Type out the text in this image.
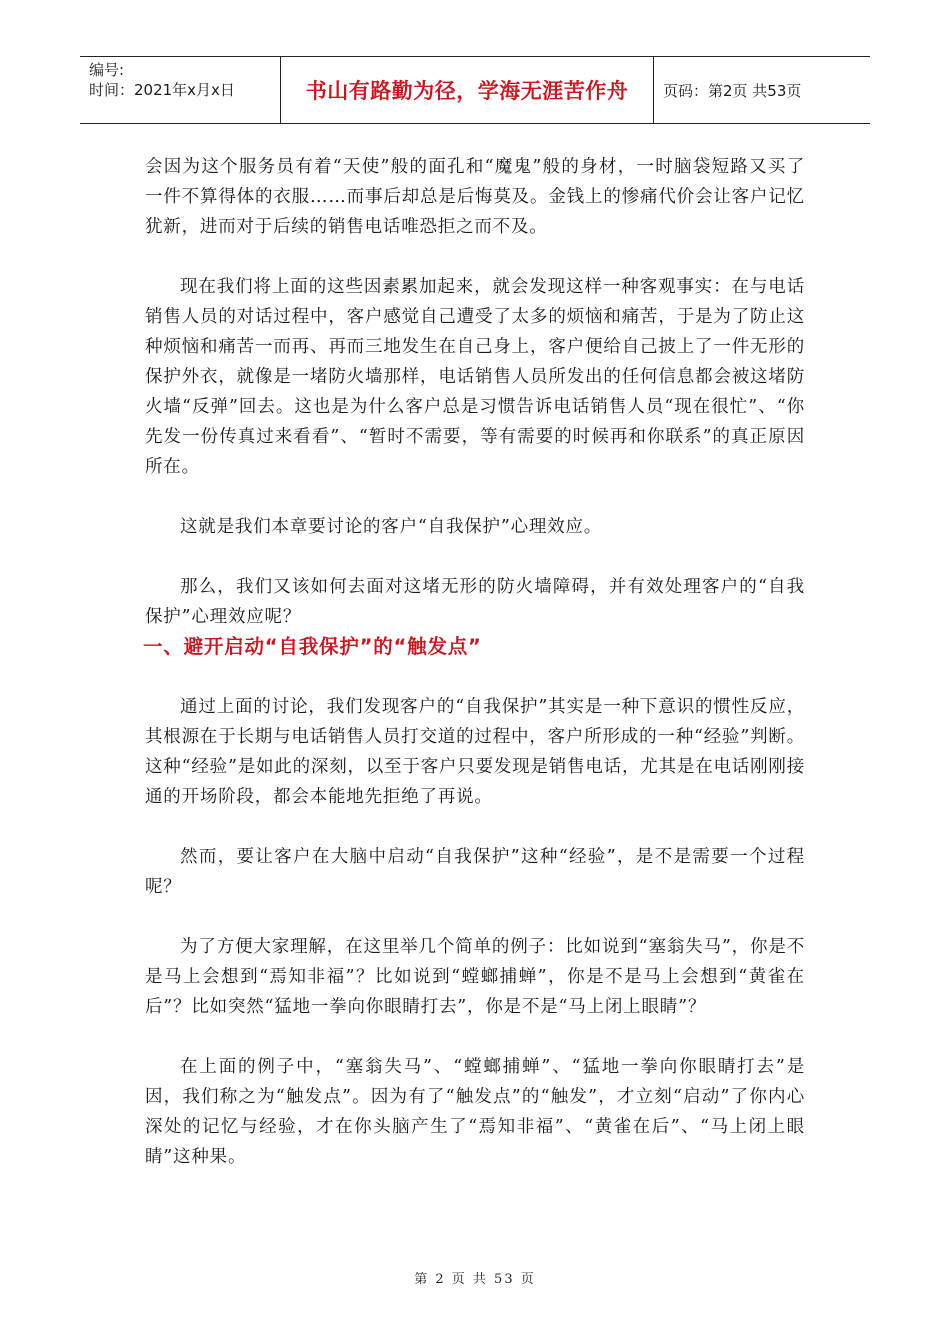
编号:
时间：2021年x月x日	书山有路勤为径，学海无涯苦作舟	页码：第2页 共53页

会因为这个服务员有着“天使”般的面孔和“魔鬼”般的身材，一时脑袋短路又买了一件不算得体的衣服……而事后却总是后悔莫及。金钱上的惨痛代价会让客户记忆犹新，进而对于后续的销售电话唯恐拒之而不及。

现在我们将上面的这些因素累加起来，就会发现这样一种客观事实：在与电话销售人员的对话过程中，客户感觉自己遭受了太多的烦恼和痛苦，于是为了防止这种烦恼和痛苦一而再、再而三地发生在自己身上，客户便给自己披上了一件无形的保护外衣，就像是一堵防火墙那样，电话销售人员所发出的任何信息都会被这堵防火墙“反弹”回去。这也是为什么客户总是习惯告诉电话销售人员“现在很忙”、“你先发一份传真过来看看”、“暂时不需要，等有需要的时候再和你联系”的真正原因所在。

这就是我们本章要讨论的客户“自我保护”心理效应。

那么，我们又该如何去面对这堵无形的防火墙障碍，并有效处理客户的“自我保护”心理效应呢？

一、避开启动“自我保护”的“触发点”

通过上面的讨论，我们发现客户的“自我保护”其实是一种下意识的惯性反应，其根源在于长期与电话销售人员打交道的过程中，客户所形成的一种“经验”判断。这种“经验”是如此的深刻，以至于客户只要发现是销售电话，尤其是在电话刚刚接通的开场阶段，都会本能地先拒绝了再说。

然而，要让客户在大脑中启动“自我保护”这种“经验”，是不是需要一个过程呢？

为了方便大家理解，在这里举几个简单的例子：比如说到“塞翁失马”，你是不是马上会想到“焉知非福”？比如说到“螳螂捕蝉”，你是不是马上会想到“黄雀在后”？比如突然“猛地一拳向你眼睛打去”，你是不是“马上闭上眼睛”？

在上面的例子中，“塞翁失马”、“螳螂捕蝉”、“猛地一拳向你眼睛打去”是因，我们称之为“触发点”。因为有了“触发点”的“触发”，才立刻“启动”了你内心深处的记忆与经验，才在你头脑产生了“焉知非福”、“黄雀在后”、“马上闭上眼睛”这种果。

第 2 页 共 53 页
